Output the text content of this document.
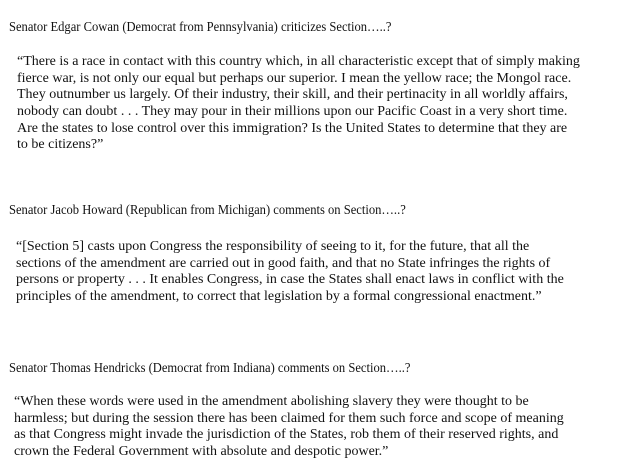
Senator Edgar Cowan (Democrat from Pennsylvania) criticizes Section…..?
“There is a race in contact with this country which, in all characteristic except that of simply making
fierce war, is not only our equal but perhaps our superior. I mean the yellow race; the Mongol race.
They outnumber us largely. Of their industry, their skill, and their pertinacity in all worldly affairs,
nobody can doubt . . . They may pour in their millions upon our Pacific Coast in a very short time.
Are the states to lose control over this immigration? Is the United States to determine that they are
to be citizens?”
Senator Jacob Howard (Republican from Michigan) comments on Section…..?
“[Section 5] casts upon Congress the responsibility of seeing to it, for the future, that all the
sections of the amendment are carried out in good faith, and that no State infringes the rights of
persons or property . . . It enables Congress, in case the States shall enact laws in conflict with the
principles of the amendment, to correct that legislation by a formal congressional enactment.”
Senator Thomas Hendricks (Democrat from Indiana) comments on Section…..?
“When these words were used in the amendment abolishing slavery they were thought to be
harmless; but during the session there has been claimed for them such force and scope of meaning
as that Congress might invade the jurisdiction of the States, rob them of their reserved rights, and
crown the Federal Government with absolute and despotic power.”
